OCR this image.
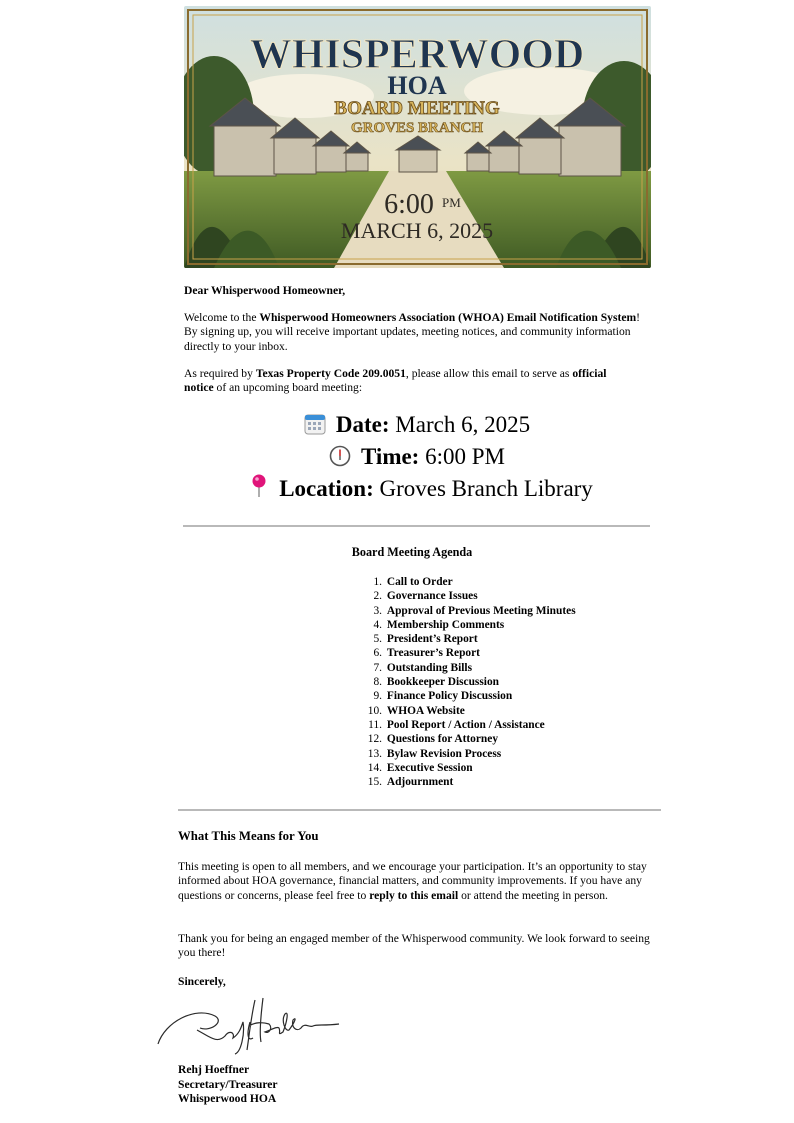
WHISPERWOOD
HOA
BOARD MEETING
GROVES BRANCH
6:00 PM
MARCH 6, 2025

Dear Whisperwood Homeowner,

Welcome to the Whisperwood Homeowners Association (WHOA) Email Notification System! By signing up, you will receive important updates, meeting notices, and community information directly to your inbox.

As required by Texas Property Code 209.0051, please allow this email to serve as official notice of an upcoming board meeting:

Date: March 6, 2025
Time: 6:00 PM
Location: Groves Branch Library
Board Meeting Agenda
1. Call to Order
2. Governance Issues
3. Approval of Previous Meeting Minutes
4. Membership Comments
5. President’s Report
6. Treasurer’s Report
7. Outstanding Bills
8. Bookkeeper Discussion
9. Finance Policy Discussion
10. WHOA Website
11. Pool Report / Action / Assistance
12. Questions for Attorney
13. Bylaw Revision Process
14. Executive Session
15. Adjournment
What This Means for You

This meeting is open to all members, and we encourage your participation. It’s an opportunity to stay informed about HOA governance, financial matters, and community improvements. If you have any questions or concerns, please feel free to reply to this email or attend the meeting in person.

Thank you for being an engaged member of the Whisperwood community. We look forward to seeing you there!

Sincerely,

Rehj Hoeffner
Secretary/Treasurer
Whisperwood HOA
